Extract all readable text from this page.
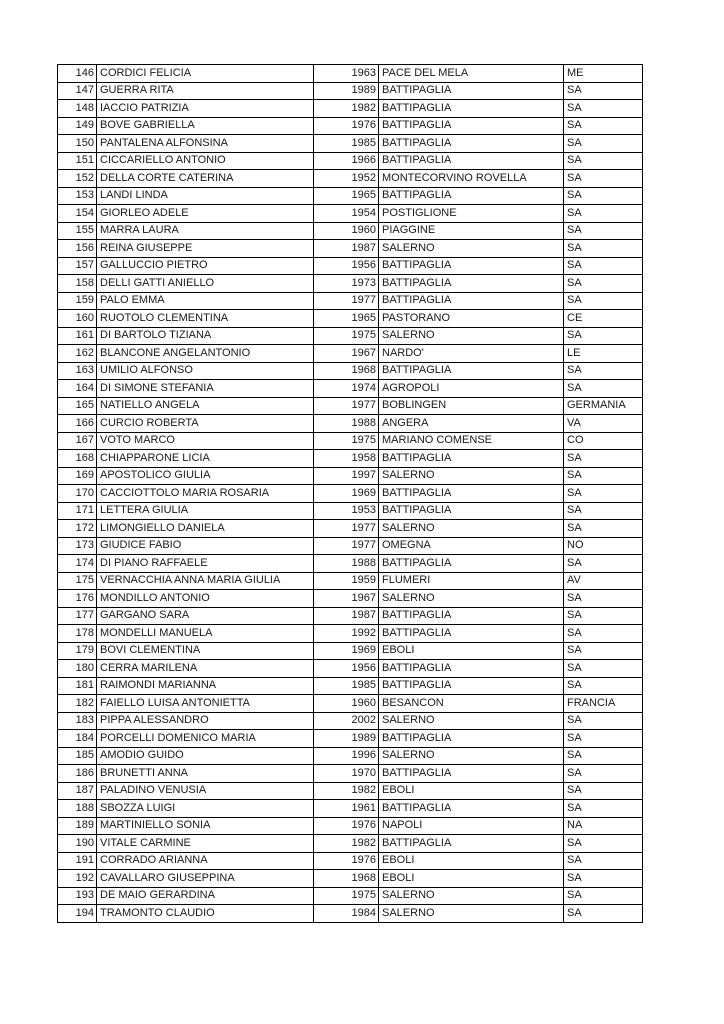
146 CORDICI FELICIA	1963 PACE DEL MELA	ME
147 GUERRA RITA	1989 BATTIPAGLIA	SA
148 IACCIO PATRIZIA	1982 BATTIPAGLIA	SA
149 BOVE GABRIELLA	1976 BATTIPAGLIA	SA
150 PANTALENA ALFONSINA	1985 BATTIPAGLIA	SA
151 CICCARIELLO ANTONIO	1966 BATTIPAGLIA	SA
152 DELLA CORTE CATERINA	1952 MONTECORVINO ROVELLA	SA
153 LANDI LINDA	1965 BATTIPAGLIA	SA
154 GIORLEO ADELE	1954 POSTIGLIONE	SA
155 MARRA LAURA	1960 PIAGGINE	SA
156 REINA GIUSEPPE	1987 SALERNO	SA
157 GALLUCCIO PIETRO	1956 BATTIPAGLIA	SA
158 DELLI GATTI ANIELLO	1973 BATTIPAGLIA	SA
159 PALO EMMA	1977 BATTIPAGLIA	SA
160 RUOTOLO CLEMENTINA	1965 PASTORANO	CE
161 DI BARTOLO TIZIANA	1975 SALERNO	SA
162 BLANCONE ANGELANTONIO	1967 NARDO'	LE
163 UMILIO ALFONSO	1968 BATTIPAGLIA	SA
164 DI SIMONE STEFANIA	1974 AGROPOLI	SA
165 NATIELLO ANGELA	1977 BOBLINGEN	GERMANIA
166 CURCIO ROBERTA	1988 ANGERA	VA
167 VOTO MARCO	1975 MARIANO COMENSE	CO
168 CHIAPPARONE LICIA	1958 BATTIPAGLIA	SA
169 APOSTOLICO GIULIA	1997 SALERNO	SA
170 CACCIOTTOLO MARIA ROSARIA	1969 BATTIPAGLIA	SA
171 LETTERA GIULIA	1953 BATTIPAGLIA	SA
172 LIMONGIELLO DANIELA	1977 SALERNO	SA
173 GIUDICE FABIO	1977 OMEGNA	NO
174 DI PIANO RAFFAELE	1988 BATTIPAGLIA	SA
175 VERNACCHIA ANNA MARIA GIULIA	1959 FLUMERI	AV
176 MONDILLO ANTONIO	1967 SALERNO	SA
177 GARGANO SARA	1987 BATTIPAGLIA	SA
178 MONDELLI MANUELA	1992 BATTIPAGLIA	SA
179 BOVI CLEMENTINA	1969 EBOLI	SA
180 CERRA MARILENA	1956 BATTIPAGLIA	SA
181 RAIMONDI MARIANNA	1985 BATTIPAGLIA	SA
182 FAIELLO LUISA ANTONIETTA	1960 BESANCON	FRANCIA
183 PIPPA ALESSANDRO	2002 SALERNO	SA
184 PORCELLI DOMENICO MARIA	1989 BATTIPAGLIA	SA
185 AMODIO GUIDO	1996 SALERNO	SA
186 BRUNETTI ANNA	1970 BATTIPAGLIA	SA
187 PALADINO VENUSIA	1982 EBOLI	SA
188 SBOZZA LUIGI	1961 BATTIPAGLIA	SA
189 MARTINIELLO SONIA	1976 NAPOLI	NA
190 VITALE CARMINE	1982 BATTIPAGLIA	SA
191 CORRADO ARIANNA	1976 EBOLI	SA
192 CAVALLARO GIUSEPPINA	1968 EBOLI	SA
193 DE MAIO GERARDINA	1975 SALERNO	SA
194 TRAMONTO CLAUDIO	1984 SALERNO	SA
